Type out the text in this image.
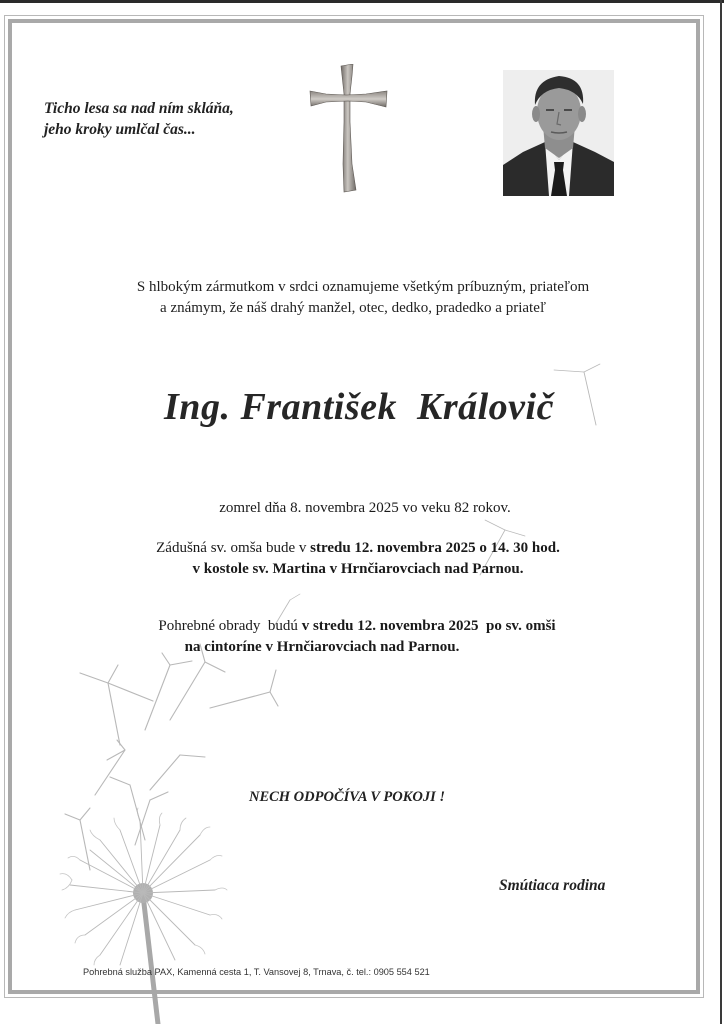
Ticho lesa sa nad ním skláňa,
jeho kroky umlčal čas...
S hlbokým zármutkom v srdci oznamujeme všetkým príbuzným, priateľom
a známym, že náš drahý manžel, otec, dedko, pradedko a priateľ
Ing. František  Královič
zomrel dňa 8. novembra 2025 vo veku 82 rokov.
Zádušná sv. omša bude v stredu 12. novembra 2025 o 14. 30 hod.
v kostole sv. Martina v Hrnčiarovciach nad Parnou.
Pohrebné obrady  budú v stredu 12. novembra 2025  po sv. omši
na cintoríne v Hrnčiarovciach nad Parnou.
NECH ODPOČÍVA V POKOJI !
Smútiaca rodina
Pohrebná služba PAX, Kamenná cesta 1, T. Vansovej 8, Trnava, č. tel.: 0905 554 521
